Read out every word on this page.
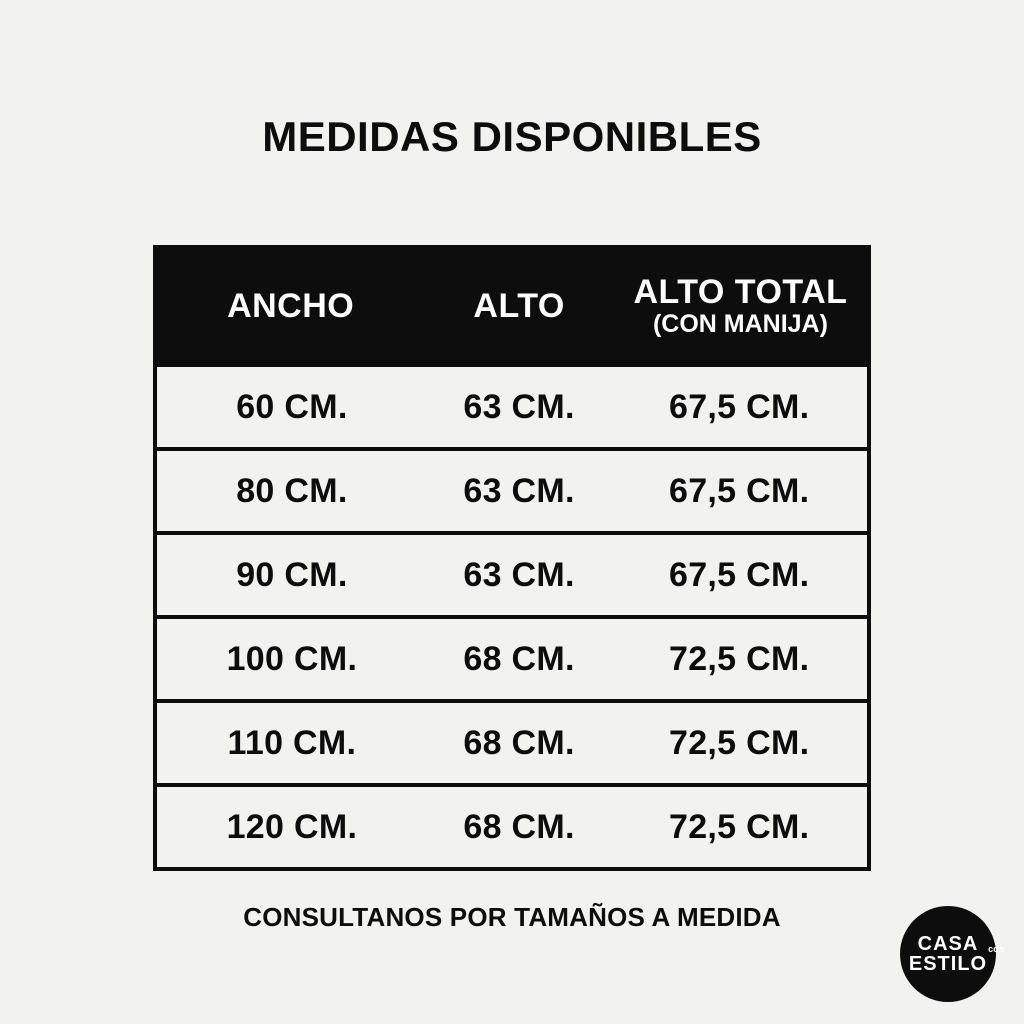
MEDIDAS DISPONIBLES
ANCHO	ALTO	ALTO TOTAL
(CON MANIJA)
60 CM.	63 CM.	67,5 CM.
80 CM.	63 CM.	67,5 CM.
90 CM.	63 CM.	67,5 CM.
100 CM.	68 CM.	72,5 CM.
110 CM.	68 CM.	72,5 CM.
120 CM.	68 CM.	72,5 CM.
CONSULTANOS POR TAMAÑOS A MEDIDA
CASA
ESTILO
con
